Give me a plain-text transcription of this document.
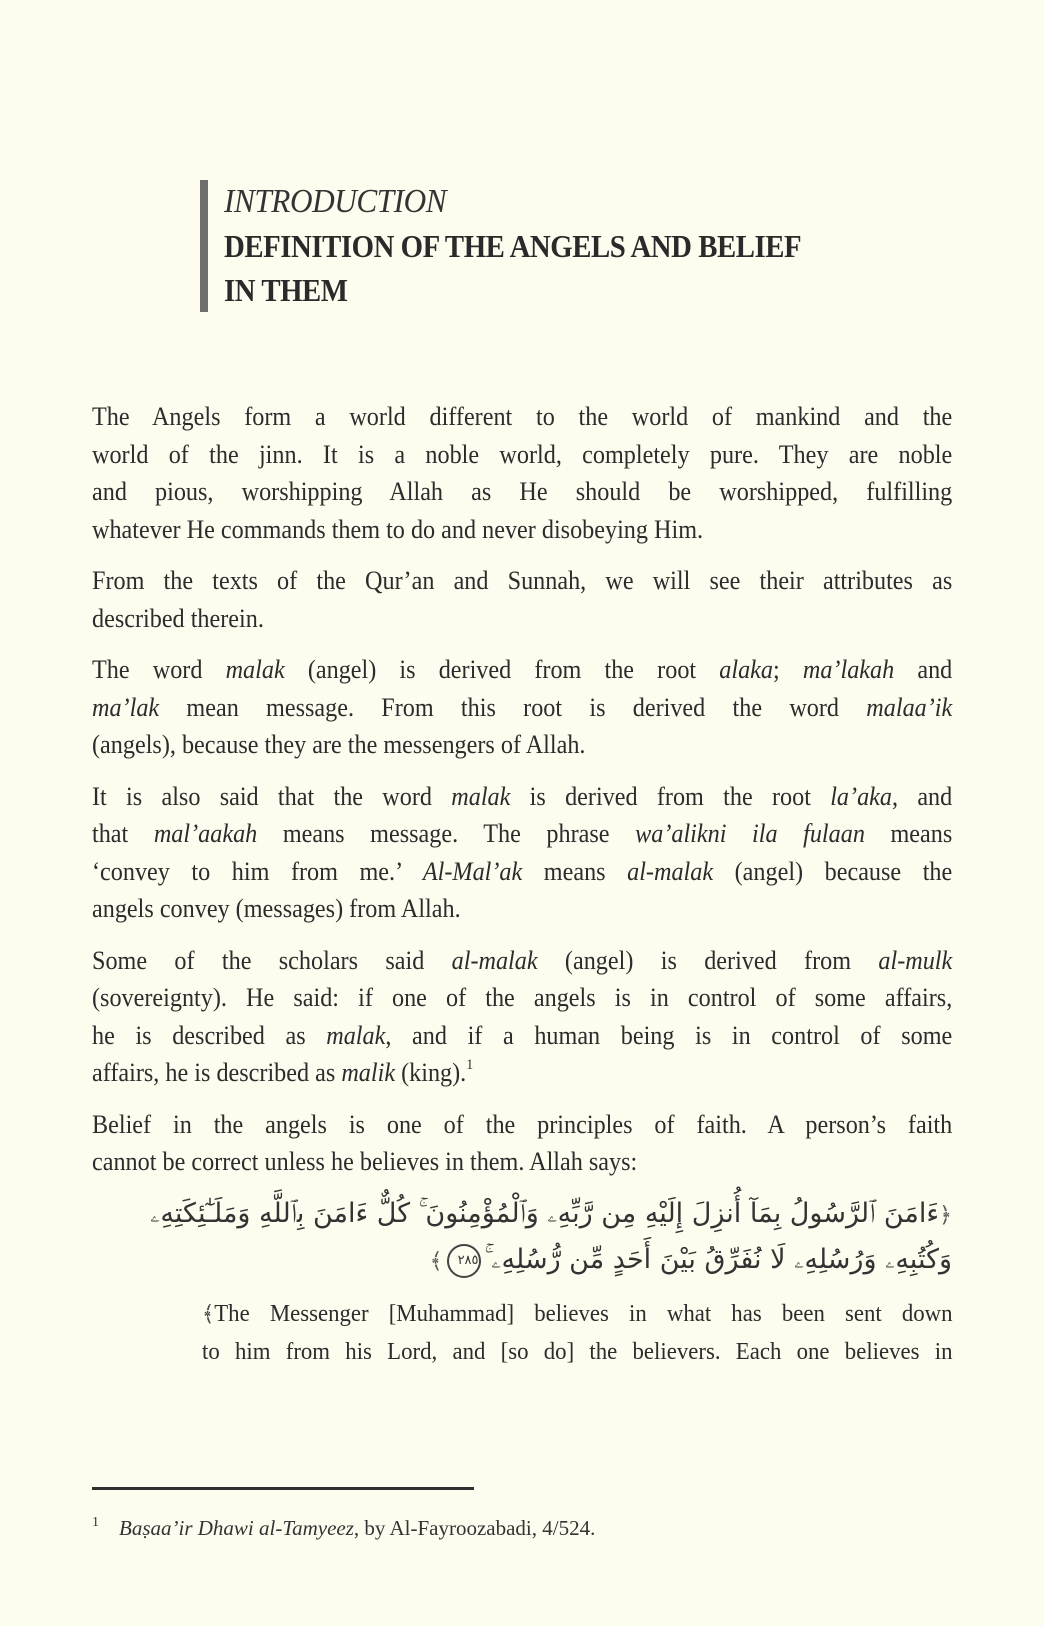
INTRODUCTION
DEFINITION OF THE ANGELS AND BELIEF
IN THEM
The Angels form a world different to the world of mankind and the
world of the jinn. It is a noble world, completely pure. They are noble
and pious, worshipping Allah as He should be worshipped, fulfilling
whatever He commands them to do and never disobeying Him.
From the texts of the Qur’an and Sunnah, we will see their attributes as
described therein.
The word malak (angel) is derived from the root alaka; ma’lakah and
ma’lak mean message. From this root is derived the word malaa’ik
(angels), because they are the messengers of Allah.
It is also said that the word malak is derived from the root la’aka, and
that mal’aakah means message. The phrase wa’alikni ila fulaan means
‘convey to him from me.’ Al-Mal’ak means al-malak (angel) because the
angels convey (messages) from Allah.
Some of the scholars said al-malak (angel) is derived from al-mulk
(sovereignty). He said: if one of the angels is in control of some affairs,
he is described as malak, and if a human being is in control of some
affairs, he is described as malik (king).$^1$
Belief in the angels is one of the principles of faith. A person’s faith
cannot be correct unless he believes in them. Allah says:
﴿ءَامَنَ ٱلرَّسُولُ بِمَآ أُنزِلَ إِلَيْهِ مِن رَّبِّهِۦ وَٱلْمُؤْمِنُونَ ۚ كُلٌّ ءَامَنَ بِٱللَّهِ وَمَلَـٰٓئِكَتِهِۦ
وَكُتُبِهِۦ وَرُسُلِهِۦ لَا نُفَرِّقُ بَيْنَ أَحَدٍ مِّن رُّسُلِهِۦ ۚ٢٨٥﴾
﴾The Messenger [Muhammad] believes in what has been sent down
to him from his Lord, and [so do] the believers. Each one believes in
$^1$ Baṣaa’ir Dhawi al-Tamyeez, by Al-Fayroozabadi, 4/524.
